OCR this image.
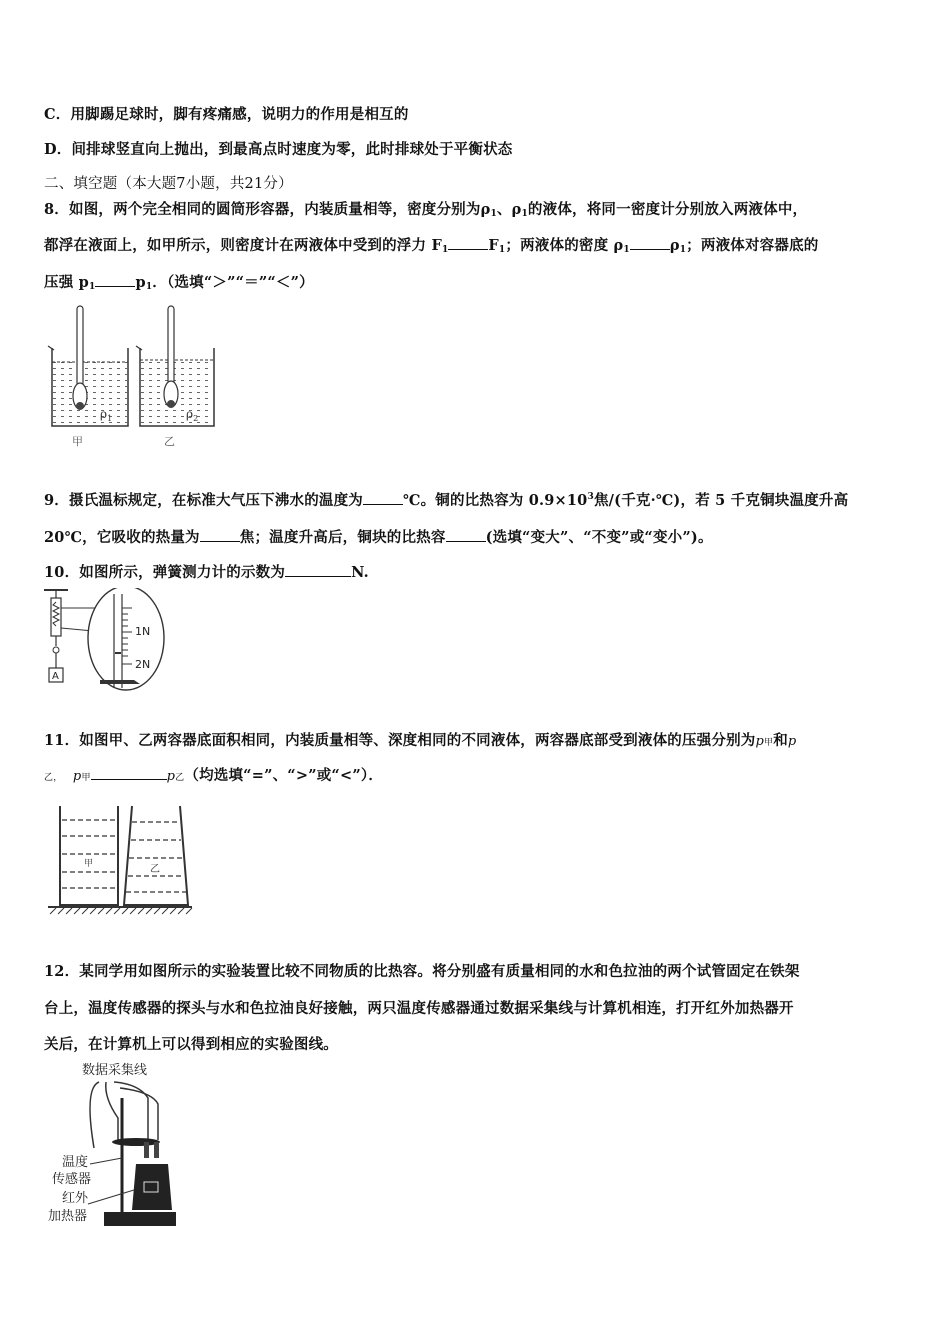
C．用脚踢足球时，脚有疼痛感，说明力的作用是相互的
D．间排球竖直向上抛出，到最高点时速度为零，此时排球处于平衡状态
二、填空题（本大题7小题，共21分）
8．如图，两个完全相同的圆筒形容器，内装质量相等，密度分别为$\rho_1$、$\rho_1$的液体，将同一密度计分别放入两液体中，
都浮在液面上，如甲所示，则密度计在两液体中受到的浮力 $F_1$	$F_1$；两液体的密度 $\rho_1$	$\rho_1$；两液体对容器底的
压强 $p_1$	$p_1$．（选填“＞”“＝”“＜”）
$\rho_1$
甲
$\rho_2$
乙
9．摄氏温标规定，在标准大气压下沸水的温度为	℃。铜的比热容为 $0.9\times 10^3$焦/(千克·℃)，若 5 千克铜块温度升高
20℃，它吸收的热量为	焦；温度升高后，铜块的比热容	(选填“变大”、“不变”或“变小”)。
10．如图所示，弹簧测力计的示数为	N.
A
1N
2N
11．如图甲、乙两容器底面积相同，内装质量相等、深度相同的不同液体，两容器底部受到液体的压强分别为p甲和p
乙， p甲	p乙（均选填“=”、“>”或“<”）．
甲	乙
12．某同学用如图所示的实验装置比较不同物质的比热容。将分别盛有质量相同的水和色拉油的两个试管固定在铁架
台上，温度传感器的探头与水和色拉油良好接触，两只温度传感器通过数据采集线与计算机相连，打开红外加热器开
关后，在计算机上可以得到相应的实验图线。
数据采集线
温度
传感器
红外
加热器
